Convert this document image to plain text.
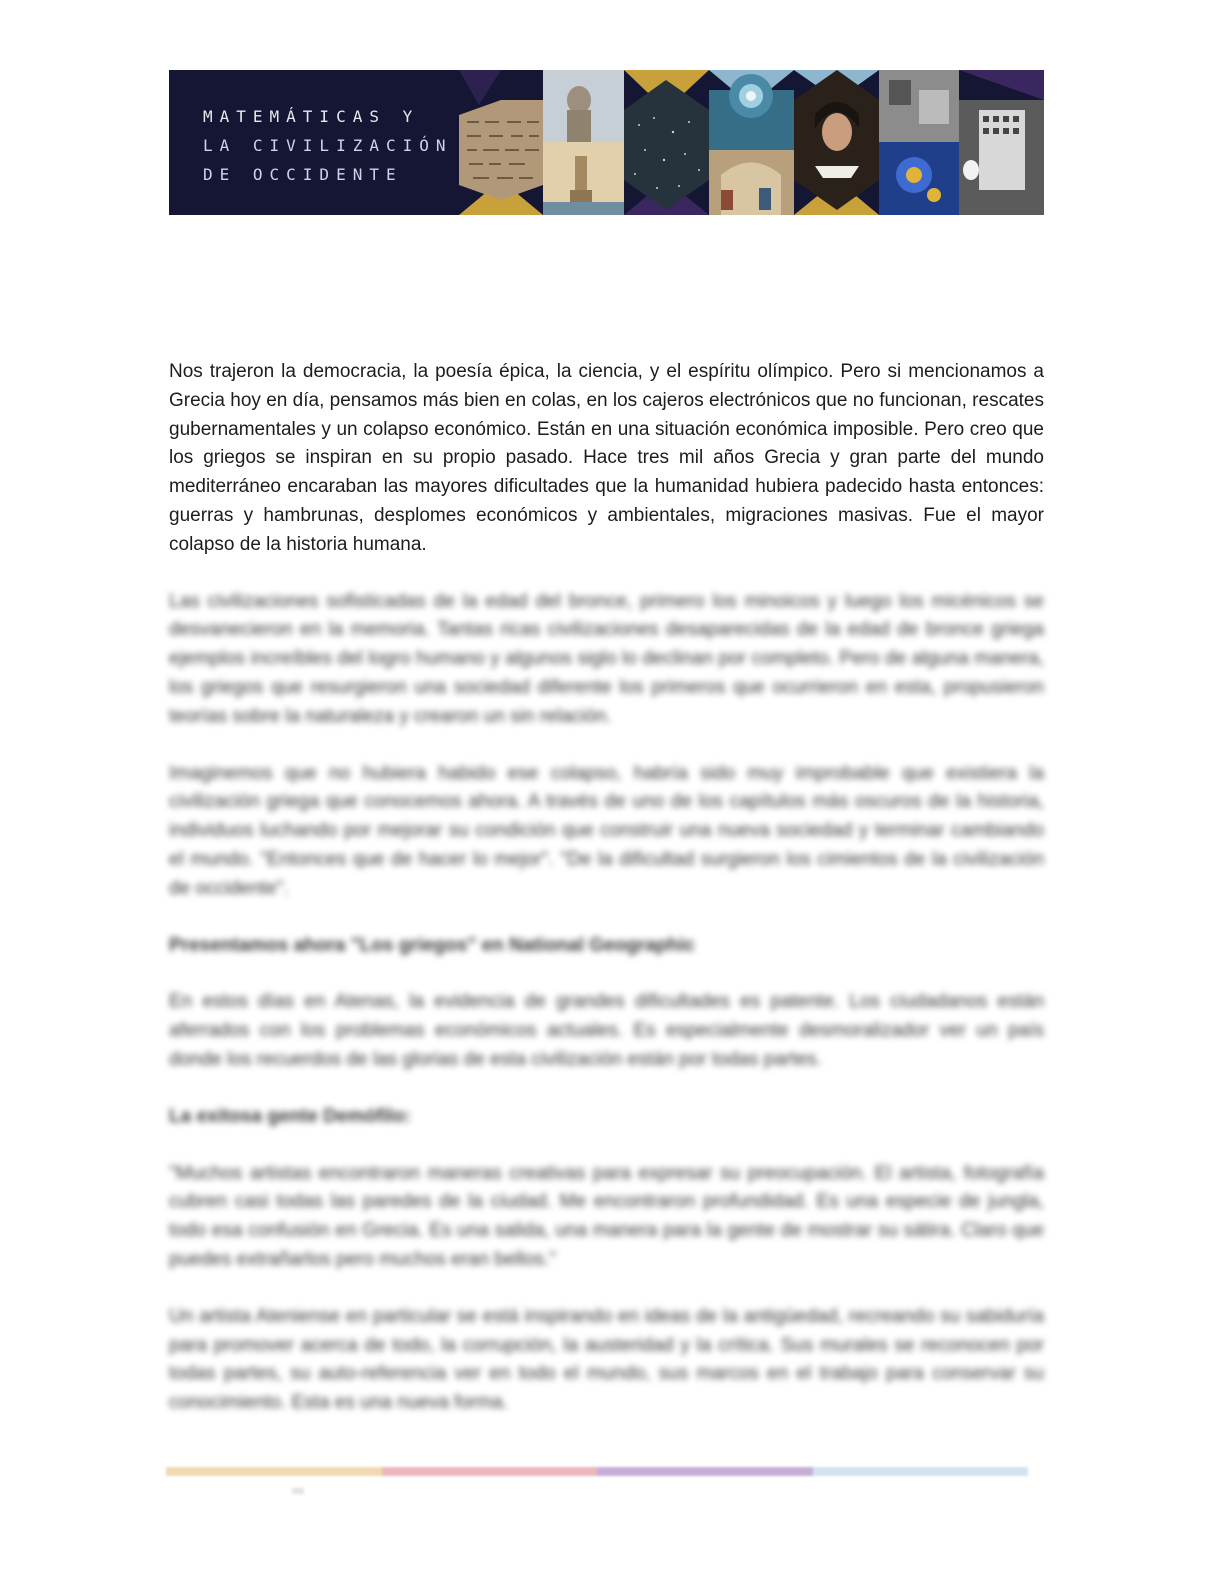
MATEMÁTICAS Y
LA CIVILIZACIÓN
DE OCCIDENTE

Nos trajeron la democracia, la poesía épica, la ciencia, y el espíritu olímpico. Pero si mencionamos a Grecia hoy en día, pensamos más bien en colas, en los cajeros electrónicos que no funcionan, rescates gubernamentales y un colapso económico. Están en una situación económica imposible. Pero creo que los griegos se inspiran en su propio pasado. Hace tres mil años Grecia y gran parte del mundo mediterráneo encaraban las mayores dificultades que la humanidad hubiera padecido hasta entonces: guerras y hambrunas, desplomes económicos y ambientales, migraciones masivas. Fue el mayor colapso de la historia humana.

Las civilizaciones sofisticadas de la edad del bronce, primero los minoicos y luego los micénicos se desvanecieron en la memoria. Tantas ricas civilizaciones desaparecidas de la edad de bronce griega ejemplos increíbles del logro humano y algunos siglo lo declinan por completo. Pero de alguna manera, los griegos que resurgieron una sociedad diferente los primeros que ocurrieron en esta, propusieron teorías sobre la naturaleza y crearon un sin relación.

Imaginemos que no hubiera habido ese colapso, habría sido muy improbable que existiera la civilización griega que conocemos ahora. A través de uno de los capítulos más oscuros de la historia, individuos luchando por mejorar su condición que construir una nueva sociedad y terminar cambiando el mundo. "Entonces que de hacer lo mejor". "De la dificultad surgieron los cimientos de la civilización de occidente".

Presentamos ahora "Los griegos" en National Geographic

En estos días en Atenas, la evidencia de grandes dificultades es patente. Los ciudadanos están aferrados con los problemas económicos actuales. Es especialmente desmoralizador ver un país donde los recuerdos de las glorias de esta civilización están por todas partes.

La exitosa gente Demófilo:

"Muchos artistas encontraron maneras creativas para expresar su preocupación. El artista, fotografía cubren casi todas las paredes de la ciudad. Me encontraron profundidad. Es una especie de jungla, todo esa confusión en Grecia. Es una salida, una manera para la gente de mostrar su sátira. Claro que puedes extrañarlos pero muchos eran bellos."

Un artista Ateniense en particular se está inspirando en ideas de la antigüedad, recreando su sabiduría para promover acerca de todo, la corrupción, la austeridad y la crítica. Sus murales se reconocen por todas partes, su auto-referencia ver en todo el mundo, sus marcos en el trabajo para conservar su conocimiento. Esta es una nueva forma.
